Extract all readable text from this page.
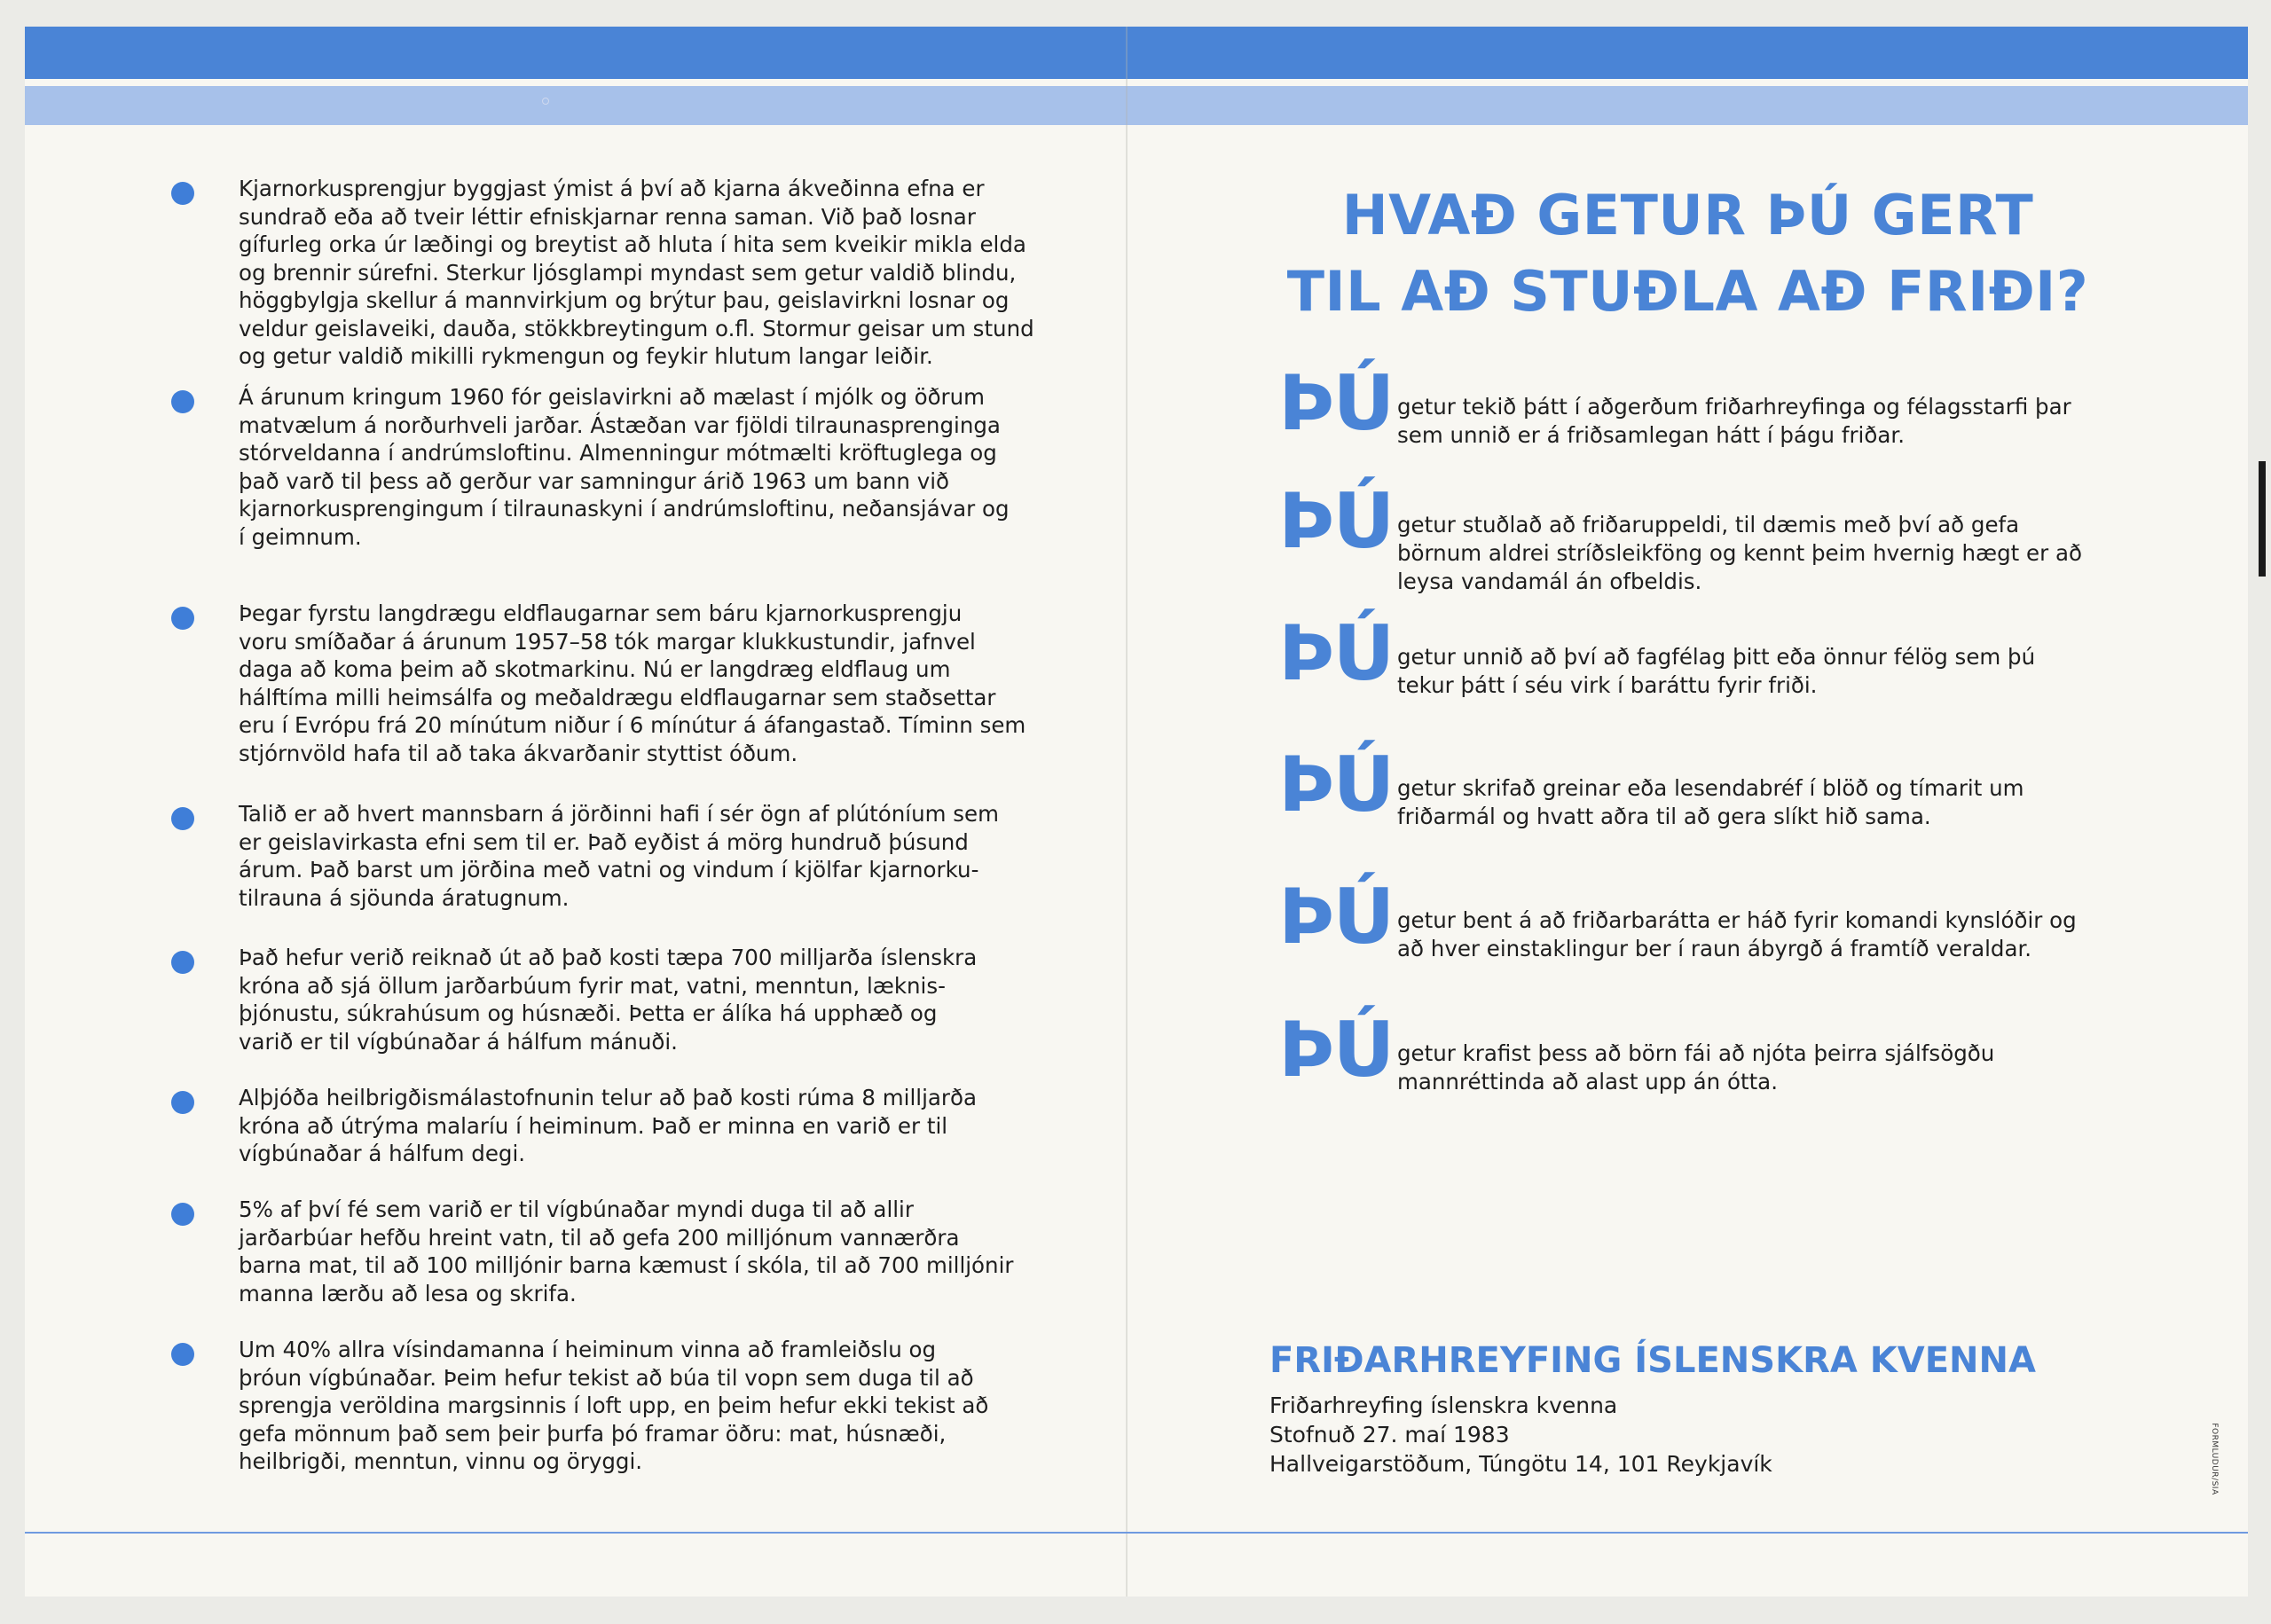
Kjarnorkusprengjur byggjast ýmist á því að kjarna ákveðinna efna er
sundrað eða að tveir léttir efniskjarnar renna saman. Við það losnar
gífurleg orka úr læðingi og breytist að hluta í hita sem kveikir mikla elda
og brennir súrefni. Sterkur ljósglampi myndast sem getur valdið blindu,
höggbylgja skellur á mannvirkjum og brýtur þau, geislavirkni losnar og
veldur geislaveiki, dauða, stökkbreytingum o.fl. Stormur geisar um stund
og getur valdið mikilli rykmengun og feykir hlutum langar leiðir.
Á árunum kringum 1960 fór geislavirkni að mælast í mjólk og öðrum
matvælum á norðurhveli jarðar. Ástæðan var fjöldi tilraunasprenginga
stórveldanna í andrúmsloftinu. Almenningur mótmælti kröftuglega og
það varð til þess að gerður var samningur árið 1963 um bann við
kjarnorkusprengingum í tilraunaskyni í andrúmsloftinu, neðansjávar og
í geimnum.
Þegar fyrstu langdrægu eldflaugarnar sem báru kjarnorkusprengju
voru smíðaðar á árunum 1957–58 tók margar klukkustundir, jafnvel
daga að koma þeim að skotmarkinu. Nú er langdræg eldflaug um
hálftíma milli heimsálfa og meðaldrægu eldflaugarnar sem staðsettar
eru í Evrópu frá 20 mínútum niður í 6 mínútur á áfangastað. Tíminn sem
stjórnvöld hafa til að taka ákvarðanir styttist óðum.
Talið er að hvert mannsbarn á jörðinni hafi í sér ögn af plútóníum sem
er geislavirkasta efni sem til er. Það eyðist á mörg hundruð þúsund
árum. Það barst um jörðina með vatni og vindum í kjölfar kjarnorku-
tilrauna á sjöunda áratugnum.
Það hefur verið reiknað út að það kosti tæpa 700 milljarða íslenskra
króna að sjá öllum jarðarbúum fyrir mat, vatni, menntun, læknis-
þjónustu, súkrahúsum og húsnæði. Þetta er álíka há upphæð og
varið er til vígbúnaðar á hálfum mánuði.
Alþjóða heilbrigðismálastofnunin telur að það kosti rúma 8 milljarða
króna að útrýma malaríu í heiminum. Það er minna en varið er til
vígbúnaðar á hálfum degi.
5% af því fé sem varið er til vígbúnaðar myndi duga til að allir
jarðarbúar hefðu hreint vatn, til að gefa 200 milljónum vannærðra
barna mat, til að 100 milljónir barna kæmust í skóla, til að 700 milljónir
manna lærðu að lesa og skrifa.
Um 40% allra vísindamanna í heiminum vinna að framleiðslu og
þróun vígbúnaðar. Þeim hefur tekist að búa til vopn sem duga til að
sprengja veröldina margsinnis í loft upp, en þeim hefur ekki tekist að
gefa mönnum það sem þeir þurfa þó framar öðru: mat, húsnæði,
heilbrigði, menntun, vinnu og öryggi.
HVAÐ GETUR ÞÚ GERT
TIL AÐ STUÐLA AÐ FRIÐI?
ÞÚ getur tekið þátt í aðgerðum friðarhreyfinga og félagsstarfi þar
sem unnið er á friðsamlegan hátt í þágu friðar.
ÞÚ getur stuðlað að friðaruppeldi, til dæmis með því að gefa
börnum aldrei stríðsleikföng og kennt þeim hvernig hægt er að
leysa vandamál án ofbeldis.
ÞÚ getur unnið að því að fagfélag þitt eða önnur félög sem þú
tekur þátt í séu virk í baráttu fyrir friði.
ÞÚ getur skrifað greinar eða lesendabréf í blöð og tímarit um
friðarmál og hvatt aðra til að gera slíkt hið sama.
ÞÚ getur bent á að friðarbarátta er háð fyrir komandi kynslóðir og
að hver einstaklingur ber í raun ábyrgð á framtíð veraldar.
ÞÚ getur krafist þess að börn fái að njóta þeirra sjálfsögðu
mannréttinda að alast upp án ótta.
FRIÐARHREYFING ÍSLENSKRA KVENNA
Friðarhreyfing íslenskra kvenna
Stofnuð 27. maí 1983
Hallveigarstöðum, Túngötu 14, 101 Reykjavík	FORMLUDUR/SIA
